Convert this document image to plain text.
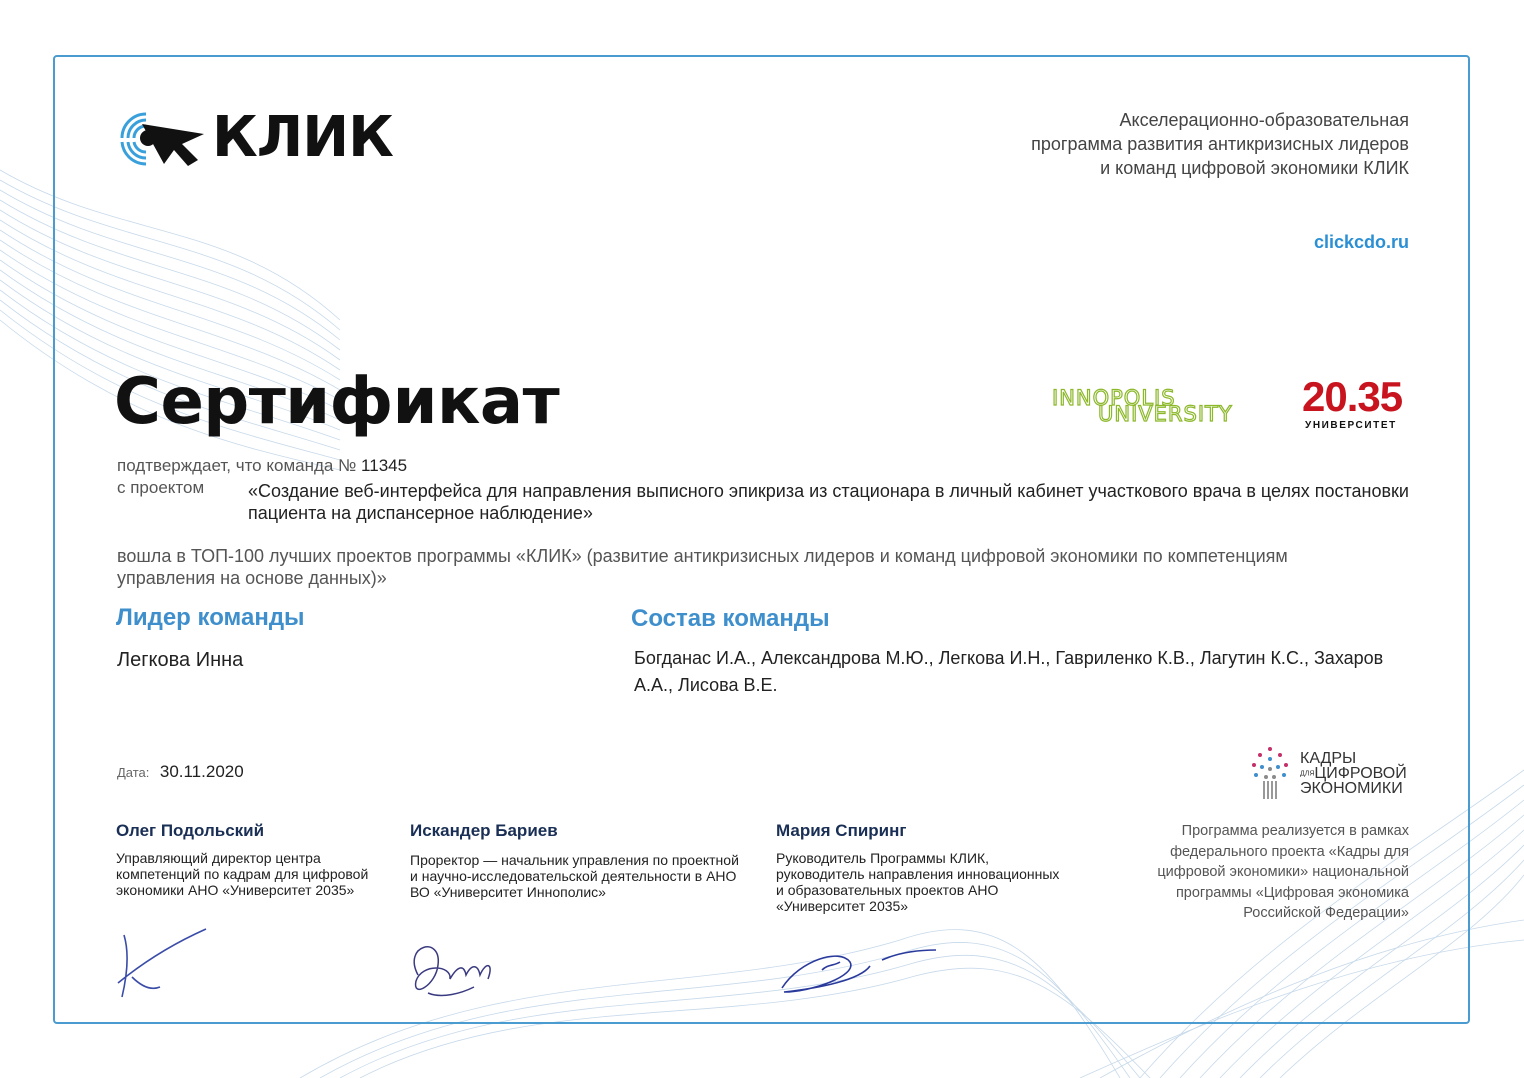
КЛИК	Акселерационно-образовательная программа развития антикризисных лидеров и команд цифровой экономики КЛИК
clickcdo.ru
Сертификат	INNOPOLIS
UNIVERSITY 20.35
УНИВЕРСИТЕТ
подтверждает, что команда № 11345
с проектом «Создание веб-интерфейса для направления выписного эпикриза из стационара в личный кабинет участкового врача в целях постановки пациента на диспансерное наблюдение»
вошла в ТОП-100 лучших проектов программы «КЛИК» (развитие антикризисных лидеров и команд цифровой экономики по компетенциям управления на основе данных)»
Лидер команды
Легкова Инна
Состав команды
Богданас И.А., Александрова М.Ю., Легкова И.Н., Гавриленко К.В., Лагутин К.С., Захаров А.А., Лисова В.Е.
Дата: 30.11.2020
Олег Подольский
Управляющий директор центра компетенций по кадрам для цифровой экономики АНО «Университет 2035»
Искандер Бариев
Проректор — начальник управления по проектной и научно-исследовательской деятельности в АНО ВО «Университет Иннополис»
Мария Спиринг
Руководитель Программы КЛИК, руководитель направления инновационных и образовательных проектов АНО «Университет 2035»
КАДРЫ
ДЛЯЦИФРОВОЙ
ЭКОНОМИКИ
Программа реализуется в рамках федерального проекта «Кадры для цифровой экономики» национальной программы «Цифровая экономика Российской Федерации»
